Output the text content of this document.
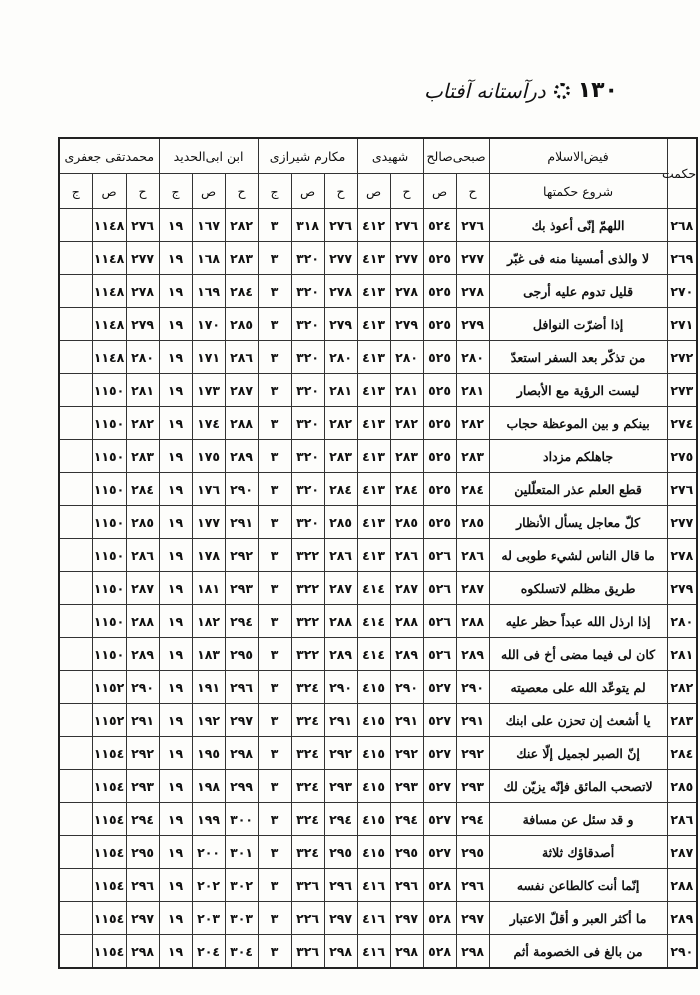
١٣٠
درآستانه آفتاب
حکمت	فیض‌الاسلام	صبحی‌صالح		شهیدی		مکارم شیرازی			ابن ابی‌الحدید			محمدتقی جعفری		
	شروع حکمتها	ح	ص	ح	ص	ح	ص	ج	ح	ص	ج	ح	ص	ج
٢٦٨	اللهمّ إنّى أعوذ بك	٢٧٦	٥٢٤	٢٧٦	٤١٢	٢٧٦	٣١٨	٣	٢٨٢	١٦٧	١٩	٢٧٦	١١٤٨	
٢٦٩	لا والذى أمسينا منه فى غبّر	٢٧٧	٥٢٥	٢٧٧	٤١٣	٢٧٧	٣٢٠	٣	٢٨٣	١٦٨	١٩	٢٧٧	١١٤٨	
٢٧٠	قليل تدوم عليه أرجى	٢٧٨	٥٢٥	٢٧٨	٤١٣	٢٧٨	٣٢٠	٣	٢٨٤	١٦٩	١٩	٢٧٨	١١٤٨	
٢٧١	إذا أضرّت النوافل	٢٧٩	٥٢٥	٢٧٩	٤١٣	٢٧٩	٣٢٠	٣	٢٨٥	١٧٠	١٩	٢٧٩	١١٤٨	
٢٧٢	من تذكّر بعد السفر استعدّ	٢٨٠	٥٢٥	٢٨٠	٤١٣	٢٨٠	٣٢٠	٣	٢٨٦	١٧١	١٩	٢٨٠	١١٤٨	
٢٧٣	ليست الرؤية مع الأبصار	٢٨١	٥٢٥	٢٨١	٤١٣	٢٨١	٣٢٠	٣	٢٨٧	١٧٣	١٩	٢٨١	١١٥٠	
٢٧٤	بينكم و بين الموعظة حجاب	٢٨٢	٥٢٥	٢٨٢	٤١٣	٢٨٢	٣٢٠	٣	٢٨٨	١٧٤	١٩	٢٨٢	١١٥٠	
٢٧٥	جاهلكم مزداد	٢٨٣	٥٢٥	٢٨٣	٤١٣	٢٨٣	٣٢٠	٣	٢٨٩	١٧٥	١٩	٢٨٣	١١٥٠	
٢٧٦	قطع العلم عذر المتعلّلين	٢٨٤	٥٢٥	٢٨٤	٤١٣	٢٨٤	٣٢٠	٣	٢٩٠	١٧٦	١٩	٢٨٤	١١٥٠	
٢٧٧	كلّ معاجل يسأل الأنظار	٢٨٥	٥٢٥	٢٨٥	٤١٣	٢٨٥	٣٢٠	٣	٢٩١	١٧٧	١٩	٢٨٥	١١٥٠	
٢٧٨	ما قال الناس لشيء طوبى له	٢٨٦	٥٢٦	٢٨٦	٤١٣	٢٨٦	٣٢٢	٣	٢٩٢	١٧٨	١٩	٢٨٦	١١٥٠	
٢٧٩	طريق مظلم لاتسلكوه	٢٨٧	٥٢٦	٢٨٧	٤١٤	٢٨٧	٣٢٢	٣	٢٩٣	١٨١	١٩	٢٨٧	١١٥٠	
٢٨٠	إذا ارذل الله عبداً حظر عليه	٢٨٨	٥٢٦	٢٨٨	٤١٤	٢٨٨	٣٢٢	٣	٢٩٤	١٨٢	١٩	٢٨٨	١١٥٠	
٢٨١	كان لى فيما مضى أخ فى الله	٢٨٩	٥٢٦	٢٨٩	٤١٤	٢٨٩	٣٢٢	٣	٢٩٥	١٨٣	١٩	٢٨٩	١١٥٠	
٢٨٢	لم يتوعّد الله على معصيته	٢٩٠	٥٢٧	٢٩٠	٤١٥	٢٩٠	٣٢٤	٣	٢٩٦	١٩١	١٩	٢٩٠	١١٥٢	
٢٨٣	يا أشعث إن تحزن على ابنك	٢٩١	٥٢٧	٢٩١	٤١٥	٢٩١	٣٢٤	٣	٢٩٧	١٩٢	١٩	٢٩١	١١٥٢	
٢٨٤	إنّ الصبر لجميل إلّا عنك	٢٩٢	٥٢٧	٢٩٢	٤١٥	٢٩٢	٣٢٤	٣	٢٩٨	١٩٥	١٩	٢٩٢	١١٥٤	
٢٨٥	لاتصحب المائق فإنّه يزيّن لك	٢٩٣	٥٢٧	٢٩٣	٤١٥	٢٩٣	٣٢٤	٣	٢٩٩	١٩٨	١٩	٢٩٣	١١٥٤	
٢٨٦	و قد سئل عن مسافة	٢٩٤	٥٢٧	٢٩٤	٤١٥	٢٩٤	٣٢٤	٣	٣٠٠	١٩٩	١٩	٢٩٤	١١٥٤	
٢٨٧	أصدقاؤك ثلاثة	٢٩٥	٥٢٧	٢٩٥	٤١٥	٢٩٥	٣٢٤	٣	٣٠١	٢٠٠	١٩	٢٩٥	١١٥٤	
٢٨٨	إنّما أنت كالطاعن نفسه	٢٩٦	٥٢٨	٢٩٦	٤١٦	٢٩٦	٣٢٦	٣	٣٠٢	٢٠٢	١٩	٢٩٦	١١٥٤	
٢٨٩	ما أكثر العبر و أقلّ الاعتبار	٢٩٧	٥٢٨	٢٩٧	٤١٦	٢٩٧	٢٢٦	٣	٣٠٣	٢٠٣	١٩	٢٩٧	١١٥٤	
٢٩٠	من بالغ فى الخصومة أثم	٢٩٨	٥٢٨	٢٩٨	٤١٦	٢٩٨	٣٢٦	٣	٣٠٤	٢٠٤	١٩	٢٩٨	١١٥٤	
